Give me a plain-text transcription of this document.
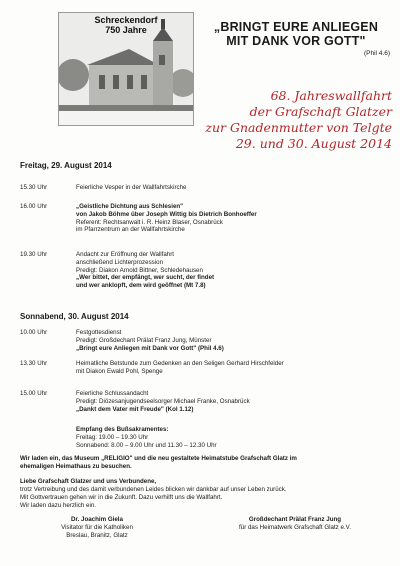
Schreckendorf
750 Jahre	„BRINGT EURE ANLIEGEN
MIT DANK VOR GOTT"
(Phil 4.6)
68. Jahreswallfahrt
der Grafschaft Glatzer
zur Gnadenmutter von Telgte
29. und 30. August 2014
Freitag, 29. August 2014
15.30 Uhr	Feierliche Vesper in der Wallfahrtskirche
16.00 Uhr	„Geistliche Dichtung aus Schlesien"
von Jakob Böhme über Joseph Wittig bis Dietrich Bonhoeffer
Referent: Rechtsanwalt i. R. Heinz Blaser, Osnabrück
im Pfarrzentrum an der Wallfahrtskirche
19.30 Uhr	Andacht zur Eröffnung der Wallfahrt
anschließend Lichterprozession
Predigt: Diakon Arnold Bittner, Schledehausen
„Wer bittet, der empfängt, wer sucht, der findet
und wer anklopft, dem wird geöffnet (Mt 7.8)
Sonnabend, 30. August 2014
10.00 Uhr	Festgottesdienst
Predigt: Großdechant Prälat Franz Jung, Münster
„Bringt eure Anliegen mit Dank vor Gott" (Phil 4.6)
13.30 Uhr	Heimatliche Betstunde zum Gedenken an den Seligen Gerhard Hirschfelder
mit Diakon Ewald Pohl, Spenge
15.00 Uhr	Feierliche Schlussandacht
Predigt: Diözesanjugendseelsorger Michael Franke, Osnabrück
„Dankt dem Vater mit Freude" (Kol 1.12)
Empfang des Bußsakramentes:
Freitag: 19.00 – 19.30 Uhr
Sonnabend: 8.00 – 9.00 Uhr und 11.30 – 12.30 Uhr
Wir laden ein, das Museum „RELIGIO" und die neu gestaltete Heimatstube Grafschaft Glatz im
ehemaligen Heimathaus zu besuchen.
Liebe Grafschaft Glatzer und uns Verbundene,
trotz Vertreibung und des damit verbundenen Leides blicken wir dankbar auf unser Leben zurück.
Mit Gottvertrauen gehen wir in die Zukunft. Dazu verhilft uns die Wallfahrt.
Wir laden dazu herzlich ein.
Dr. Joachim Giela
Visitator für die Katholiken
Breslau, Branitz, Glatz
Großdechant Prälat Franz Jung
für das Heimatwerk Grafschaft Glatz e.V.
